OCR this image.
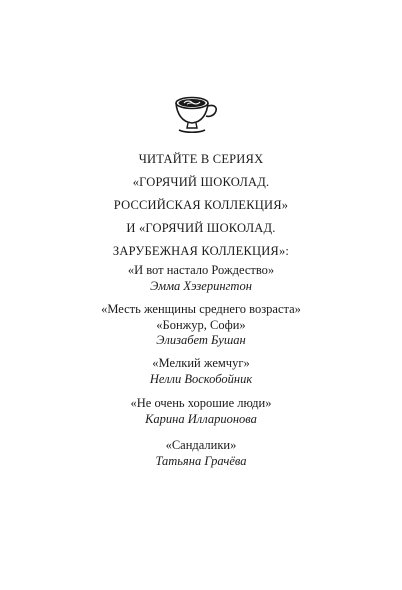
ЧИТАЙТЕ В СЕРИЯХ
«ГОРЯЧИЙ ШОКОЛАД.
РОССИЙСКАЯ КОЛЛЕКЦИЯ»
И «ГОРЯЧИЙ ШОКОЛАД.
ЗАРУБЕЖНАЯ КОЛЛЕКЦИЯ»:
«И вот настало Рождество»
Эмма Хэзерингтон
«Месть женщины среднего возраста»
«Бонжур, Софи»
Элизабет Бушан
«Мелкий жемчуг»
Нелли Воскобойник
«Не очень хорошие люди»
Карина Илларионова
«Сандалики»
Татьяна Грачёва
